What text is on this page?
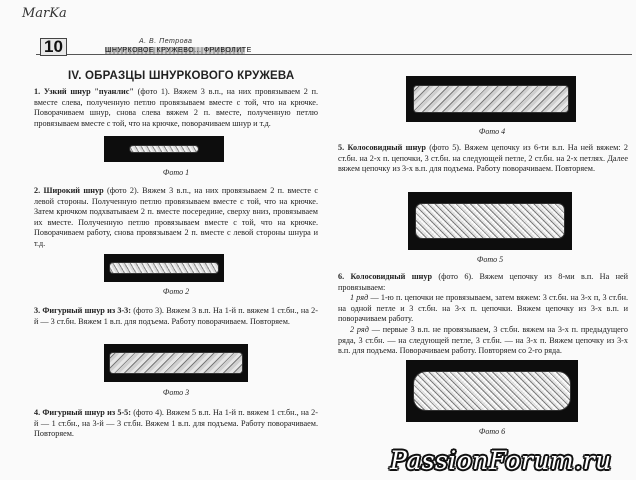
MarKa
10	А. В. Петрова
ШНУРКОВОЕ КРУЖЕВО... ФРИВОЛИТЕ
IV. ОБРАЗЦЫ ШНУРКОВОГО КРУЖЕВА

1. Узкий шнур "пуанлис" (фото 1). Вяжем 3 в.п., на них провязываем 2 п. вместе слева, полученную петлю провязываем вместе с той, что на крючке. Поворачиваем шнур, снова слева вяжем 2 п. вместе, полученную петлю провязываем вместе с той, что на крючке, поворачиваем шнур и т.д.

Фото 1

2. Широкий шнур (фото 2). Вяжем 3 в.п., на них провязываем 2 п. вместе с левой стороны. Полученную петлю провязываем вместе с той, что на крючке. Затем крючком подхватываем 2 п. вместе посередине, сверху вниз, провязываем их вместе. Полученную петлю провязываем вместе с той, что на крючке. Поворачиваем работу, снова провязываем 2 п. вместе с левой стороны шнура и т.д.

Фото 2

3. Фигурный шнур из 3-3: (фото 3). Вяжем 3 в.п. На 1-й п. вяжем 1 ст.бн., на 2-й — 3 ст.бн. Вяжем 1 в.п. для подъема. Работу поворачиваем. Повторяем.

Фото 3

4. Фигурный шнур из 5-5: (фото 4). Вяжем 5 в.п. На 1-й п. вяжем 1 ст.бн., на 2-й — 1 ст.бн., на 3-й — 3 ст.бн. Вяжем 1 в.п. для подъема. Работу поворачиваем. Повторяем.

Фото 4

5. Колосовидный шнур (фото 5). Вяжем цепочку из 6-ти в.п. На ней вяжем: 2 ст.бн. на 2-х п. цепочки, 3 ст.бн. на следующей петле, 2 ст.бн. на 2-х петлях. Далее вяжем цепочку из 3-х в.п. для подъема. Работу поворачиваем. Повторяем.

Фото 5

6. Колосовидный шнур (фото 6). Вяжем цепочку из 8-ми в.п. На ней провязываем:

1 ряд — 1-ю п. цепочки не провязываем, затем вяжем: 3 ст.бн. на 3-х п, 3 ст.бн. на одной петле и 3 ст.бн. на 3-х п. цепочки. Вяжем цепочку из 3-х в.п. и поворачиваем работу.

2 ряд — первые 3 в.п. не провязываем, 3 ст.бн. вяжем на 3-х п. предыдущего ряда, 3 ст.бн. — на следующей петле, 3 ст.бн. — на 3-х п. Вяжем цепочку из 3-х в.п. для подъема. Поворачиваем работу. Повторяем со 2-го ряда.

Фото 6
PassionForum.ru
